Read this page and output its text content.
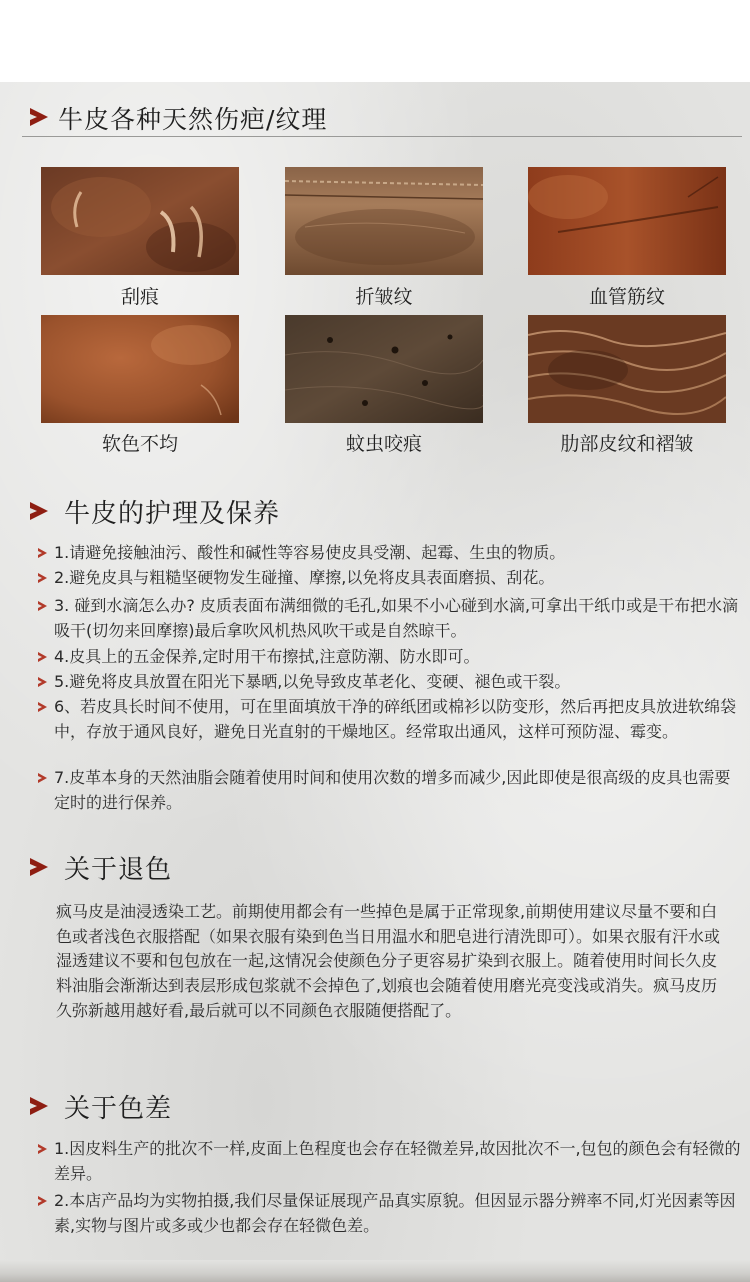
牛皮各种天然伤疤/纹理
刮痕	折皱纹	血管筋纹
软色不均	蚊虫咬痕	肋部皮纹和褶皱
牛皮的护理及保养
1.请避免接触油污、酸性和碱性等容易使皮具受潮、起霉、生虫的物质。
2.避免皮具与粗糙坚硬物发生碰撞、摩擦,以免将皮具表面磨损、刮花。
3. 碰到水滴怎么办? 皮质表面布满细微的毛孔,如果不小心碰到水滴,可拿出干纸巾或是干布把水滴吸干(切勿来回摩擦)最后拿吹风机热风吹干或是自然晾干。
4.皮具上的五金保养,定时用干布擦拭,注意防潮、防水即可。
5.避免将皮具放置在阳光下暴晒,以免导致皮革老化、变硬、褪色或干裂。
6、若皮具长时间不使用，可在里面填放干净的碎纸团或棉衫以防变形，然后再把皮具放进软绵袋中，存放于通风良好，避免日光直射的干燥地区。经常取出通风，这样可预防湿、霉变。
7.皮革本身的天然油脂会随着使用时间和使用次数的增多而减少,因此即使是很高级的皮具也需要定时的进行保养。
关于退色
疯马皮是油浸透染工艺。前期使用都会有一些掉色是属于正常现象,前期使用建议尽量不要和白色或者浅色衣服搭配（如果衣服有染到色当日用温水和肥皂进行清洗即可）。如果衣服有汗水或湿透建议不要和包包放在一起,这情况会使颜色分子更容易扩染到衣服上。随着使用时间长久皮料油脂会渐渐达到表层形成包浆就不会掉色了,划痕也会随着使用磨光亮变浅或消失。疯马皮历久弥新越用越好看,最后就可以不同颜色衣服随便搭配了。
关于色差
1.因皮料生产的批次不一样,皮面上色程度也会存在轻微差异,故因批次不一,包包的颜色会有轻微的差异。
2.本店产品均为实物拍摄,我们尽量保证展现产品真实原貌。但因显示器分辨率不同,灯光因素等因素,实物与图片或多或少也都会存在轻微色差。
